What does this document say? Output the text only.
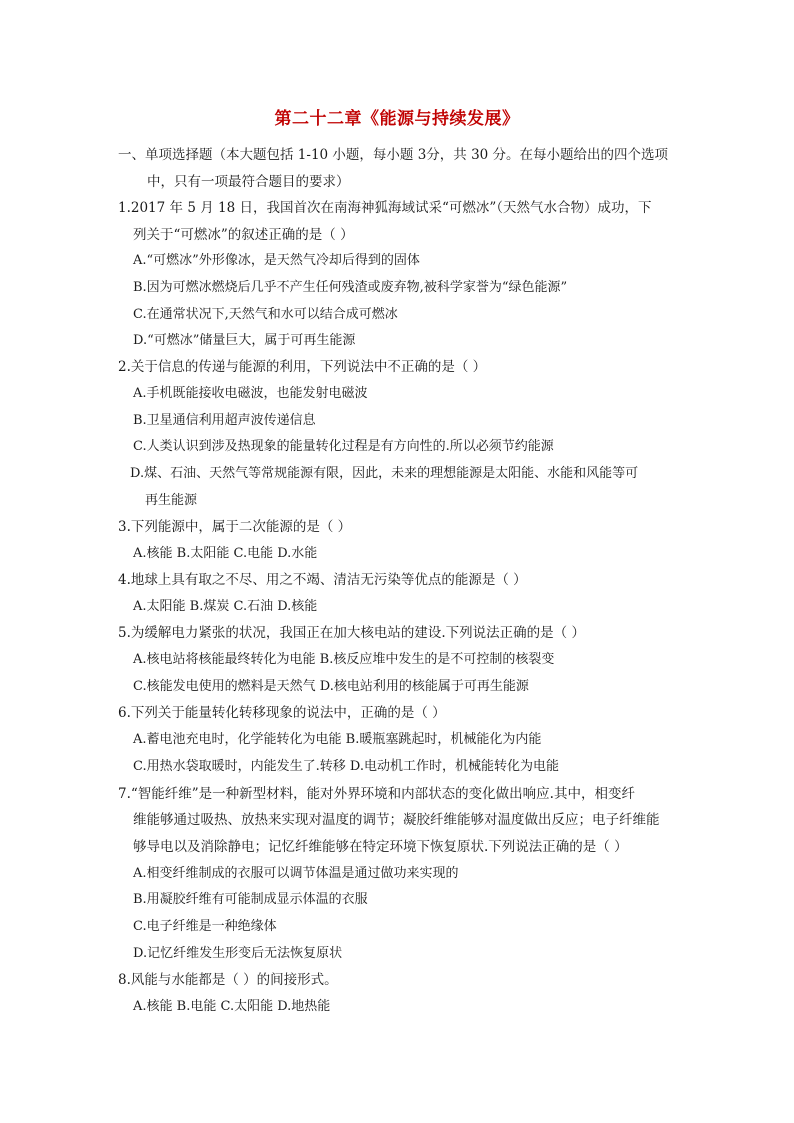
第二十二章《能源与持续发展》
一、单项选择题（本大题包括 1-10 小题，每小题 3分，共 30 分。在每小题给出的四个选项
中，只有一项最符合题目的要求）
1.2017 年 5 月 18 日，我国首次在南海神狐海域试采“可燃冰”（天然气水合物）成功，下
列关于“可燃冰”的叙述正确的是（ ）
A.“可燃冰”外形像冰，是天然气冷却后得到的固体
B.因为可燃冰燃烧后几乎不产生任何残渣或废弃物,被科学家誉为“绿色能源”
C.在通常状况下,天然气和水可以结合成可燃冰
D.“可燃冰”储量巨大，属于可再生能源
2.关于信息的传递与能源的利用，下列说法中不正确的是（ ）
A.手机既能接收电磁波，也能发射电磁波
B.卫星通信利用超声波传递信息
C.人类认识到涉及热现象的能量转化过程是有方向性的.所以必须节约能源
D.煤、石油、天然气等常规能源有限，因此，未来的理想能源是太阳能、水能和风能等可
再生能源
3.下列能源中，属于二次能源的是（ ）
A.核能 B.太阳能 C.电能 D.水能
4.地球上具有取之不尽、用之不竭、清洁无污染等优点的能源是（ ）
A.太阳能 B.煤炭 C.石油 D.核能
5.为缓解电力紧张的状况，我国正在加大核电站的建设.下列说法正确的是（ ）
A.核电站将核能最终转化为电能 B.核反应堆中发生的是不可控制的核裂变
C.核能发电使用的燃料是天然气 D.核电站利用的核能属于可再生能源
6.下列关于能量转化转移现象的说法中，正确的是（ ）
A.蓄电池充电时，化学能转化为电能 B.暖瓶塞跳起时，机械能化为内能
C.用热水袋取暖时，内能发生了.转移 D.电动机工作时，机械能转化为电能
7.“智能纤维”是一种新型材料，能对外界环境和内部状态的变化做出响应.其中，相变纤
维能够通过吸热、放热来实现对温度的调节；凝胶纤维能够对温度做出反应；电子纤维能
够导电以及消除静电；记忆纤维能够在特定环境下恢复原状.下列说法正确的是（ ）
A.相变纤维制成的衣服可以调节体温是通过做功来实现的
B.用凝胶纤维有可能制成显示体温的衣服
C.电子纤维是一种绝缘体
D.记忆纤维发生形变后无法恢复原状
8.风能与水能都是（ ）的间接形式。
A.核能 B.电能 C.太阳能 D.地热能
